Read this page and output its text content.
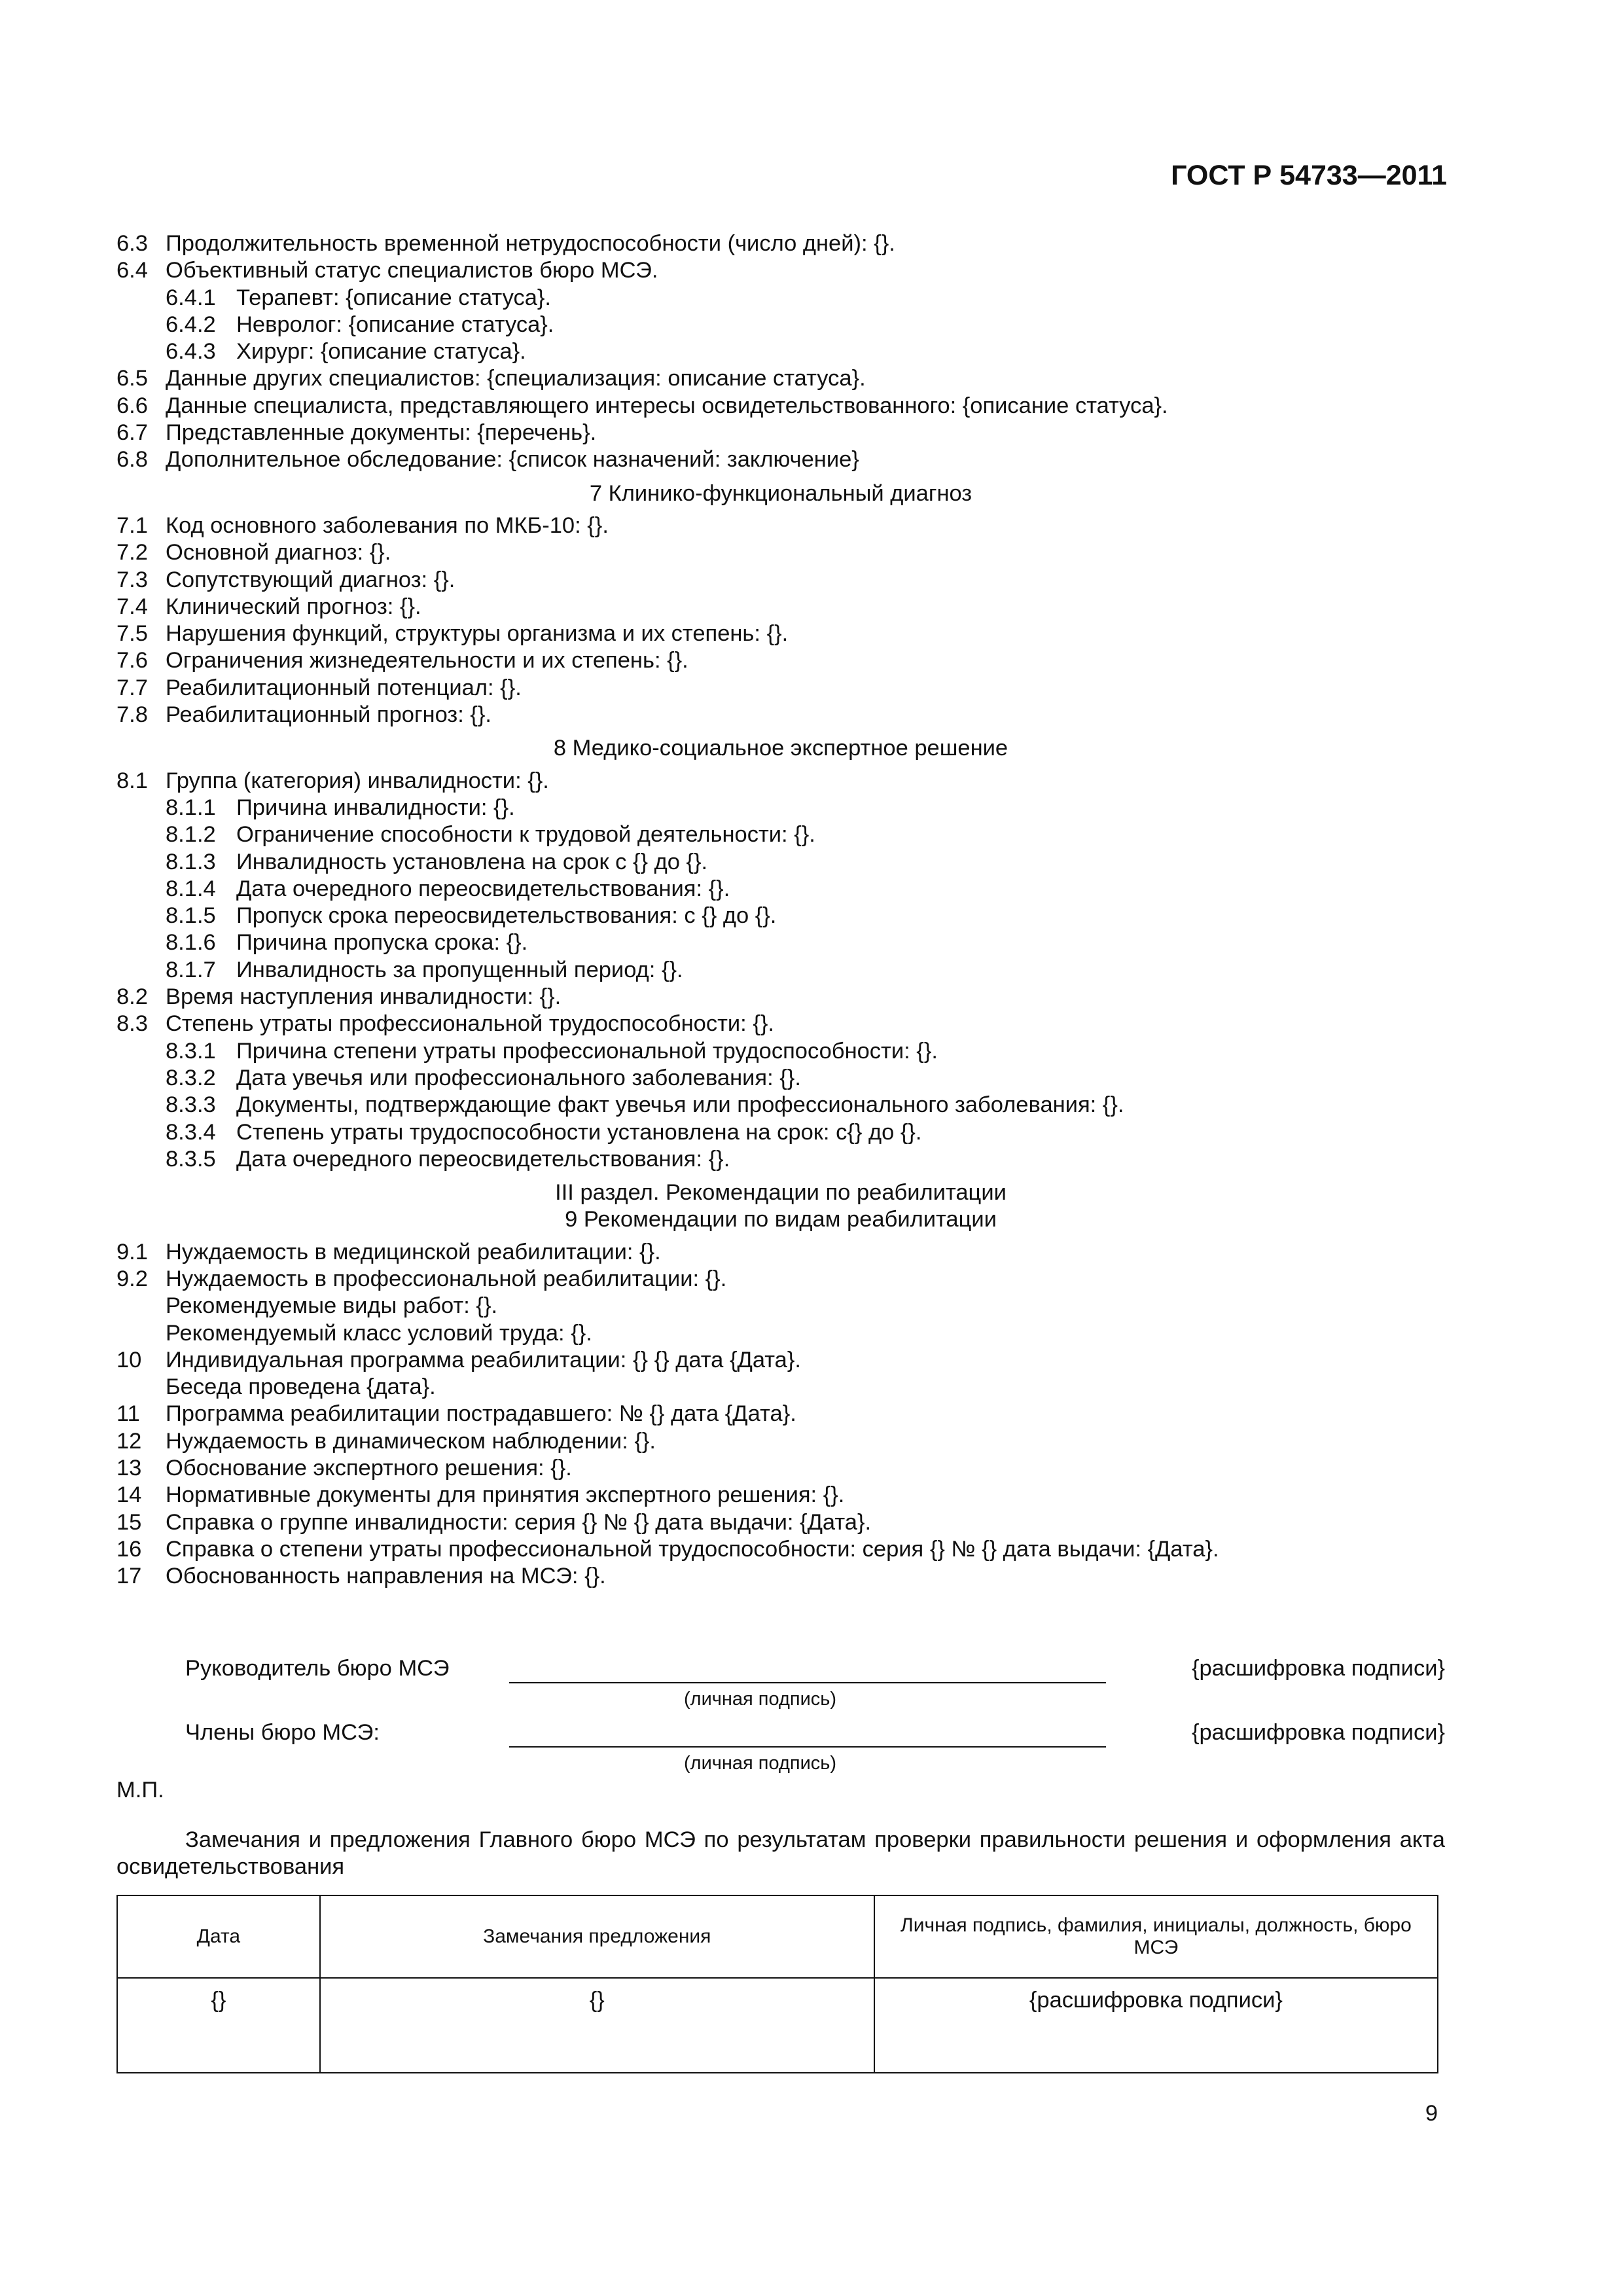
ГОСТ Р 54733—2011
6.3 Продолжительность временной нетрудоспособности (число дней): {}.
6.4 Объективный статус специалистов бюро МСЭ.
6.4.1 Терапевт: {описание статуса}.
6.4.2 Невролог: {описание статуса}.
6.4.3 Хирург: {описание статуса}.
6.5 Данные других специалистов: {специализация: описание статуса}.
6.6 Данные специалиста, представляющего интересы освидетельствованного: {описание статуса}.
6.7 Представленные документы: {перечень}.
6.8 Дополнительное обследование: {список назначений: заключение}
7 Клинико-функциональный диагноз
7.1 Код основного заболевания по МКБ-10: {}.
7.2 Основной диагноз: {}.
7.3 Сопутствующий диагноз: {}.
7.4 Клинический прогноз: {}.
7.5 Нарушения функций, структуры организма и их степень: {}.
7.6 Ограничения жизнедеятельности и их степень: {}.
7.7 Реабилитационный потенциал: {}.
7.8 Реабилитационный прогноз: {}.
8 Медико-социальное экспертное решение
8.1 Группа (категория) инвалидности: {}.
8.1.1 Причина инвалидности: {}.
8.1.2 Ограничение способности к трудовой деятельности: {}.
8.1.3 Инвалидность установлена на срок с {} до {}.
8.1.4 Дата очередного переосвидетельствования: {}.
8.1.5 Пропуск срока переосвидетельствования: с {} до {}.
8.1.6 Причина пропуска срока: {}.
8.1.7 Инвалидность за пропущенный период: {}.
8.2 Время наступления инвалидности: {}.
8.3 Степень утраты профессиональной трудоспособности: {}.
8.3.1 Причина степени утраты профессиональной трудоспособности: {}.
8.3.2 Дата увечья или профессионального заболевания: {}.
8.3.3 Документы, подтверждающие факт увечья или профессионального заболевания: {}.
8.3.4 Степень утраты трудоспособности установлена на срок: с{} до {}.
8.3.5 Дата очередного переосвидетельствования: {}.
III раздел. Рекомендации по реабилитации
9 Рекомендации по видам реабилитации
9.1 Нуждаемость в медицинской реабилитации: {}.
9.2 Нуждаемость в профессиональной реабилитации: {}.
Рекомендуемые виды работ: {}.
Рекомендуемый класс условий труда: {}.
10	Индивидуальная программа реабилитации: {} {} дата {Дата}.
Беседа проведена {дата}.
11	Программа реабилитации пострадавшего: № {} дата {Дата}.
12	Нуждаемость в динамическом наблюдении: {}.
13	Обоснование экспертного решения: {}.
14	Нормативные документы для принятия экспертного решения: {}.
15	Справка о группе инвалидности: серия {} № {} дата выдачи: {Дата}.
16	Справка о степени утраты профессиональной трудоспособности: серия {} № {} дата выдачи: {Дата}.
17	Обоснованность направления на МСЭ: {}.
Руководитель бюро МСЭ	{расшифровка подписи}
(личная подпись)
Члены бюро МСЭ:	{расшифровка подписи}
(личная подпись)
М.П.
Замечания и предложения Главного бюро МСЭ по результатам проверки правильности решения и оформления акта освидетельствования
Дата	Замечания предложения	Личная подпись, фамилия, инициалы, должность, бюро МСЭ
{}	{}	{расшифровка подписи}
9
